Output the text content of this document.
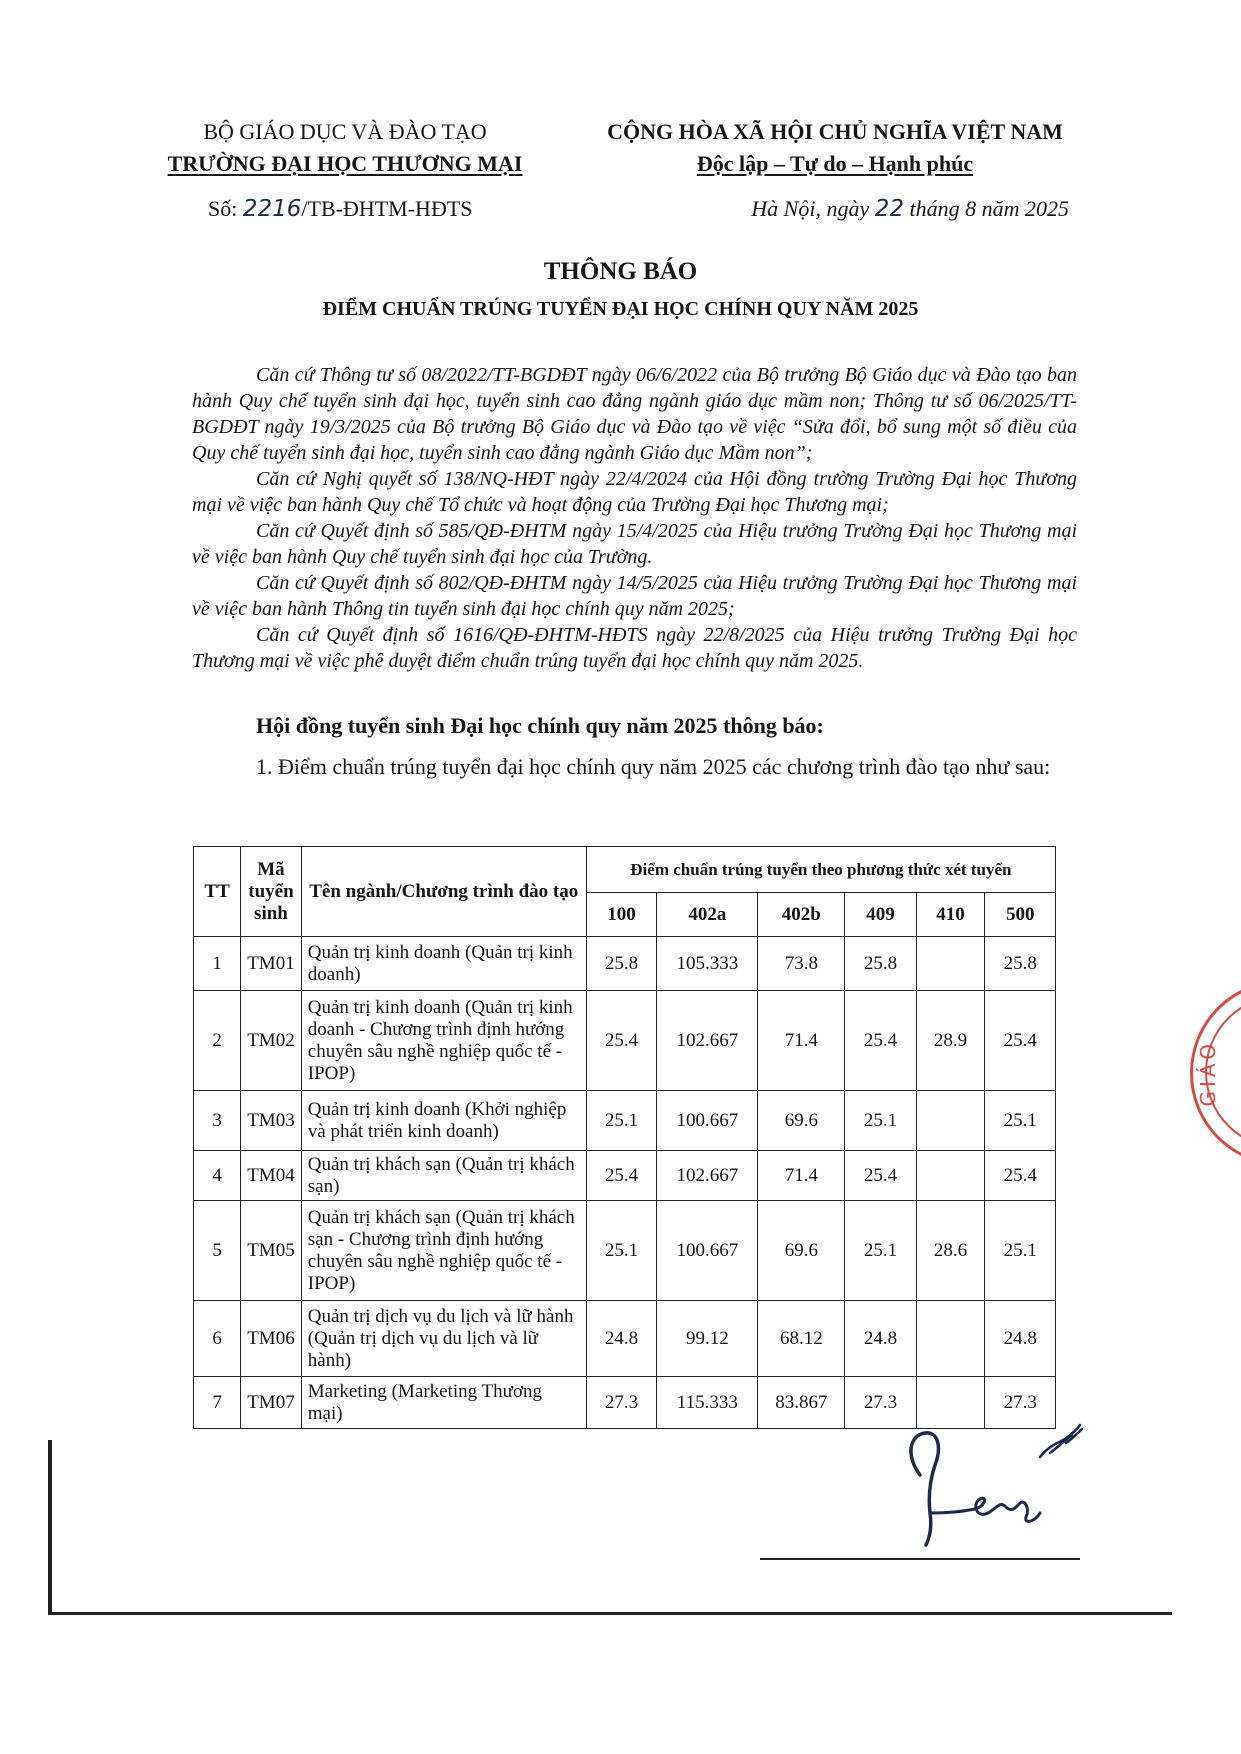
BỘ GIÁO DỤC VÀ ĐÀO TẠO
TRƯỜNG ĐẠI HỌC THƯƠNG MẠI
CỘNG HÒA XÃ HỘI CHỦ NGHĨA VIỆT NAM
Độc lập – Tự do – Hạnh phúc
Số: 2216/TB-ĐHTM-HĐTS	Hà Nội, ngày 22 tháng 8 năm 2025
THÔNG BÁO
ĐIỂM CHUẨN TRÚNG TUYỂN ĐẠI HỌC CHÍNH QUY NĂM 2025

Căn cứ Thông tư số 08/2022/TT-BGDĐT ngày 06/6/2022 của Bộ trưởng Bộ Giáo dục và Đào tạo ban hành Quy chế tuyển sinh đại học, tuyển sinh cao đẳng ngành giáo dục mầm non; Thông tư số 06/2025/TT-BGDĐT ngày 19/3/2025 của Bộ trưởng Bộ Giáo dục và Đào tạo về việc “Sửa đổi, bổ sung một số điều của Quy chế tuyển sinh đại học, tuyển sinh cao đẳng ngành Giáo dục Mầm non”;

Căn cứ Nghị quyết số 138/NQ-HĐT ngày 22/4/2024 của Hội đồng trường Trường Đại học Thương mại về việc ban hành Quy chế Tổ chức và hoạt động của Trường Đại học Thương mại;

Căn cứ Quyết định số 585/QĐ-ĐHTM ngày 15/4/2025 của Hiệu trưởng Trường Đại học Thương mại về việc ban hành Quy chế tuyển sinh đại học của Trường.

Căn cứ Quyết định số 802/QĐ-ĐHTM ngày 14/5/2025 của Hiệu trưởng Trường Đại học Thương mại về việc ban hành Thông tin tuyển sinh đại học chính quy năm 2025;

Căn cứ Quyết định số 1616/QĐ-ĐHTM-HĐTS ngày 22/8/2025 của Hiệu trưởng Trường Đại học Thương mại về việc phê duyệt điểm chuẩn trúng tuyển đại học chính quy năm 2025.

Hội đồng tuyển sinh Đại học chính quy năm 2025 thông báo:
1. Điểm chuẩn trúng tuyển đại học chính quy năm 2025 các chương trình đào tạo như sau:
TT	Mã tuyển sinh	Tên ngành/Chương trình đào tạo	Điểm chuẩn trúng tuyển theo phương thức xét tuyển					
			100	402a	402b	409	410	500
1	TM01	Quản trị kinh doanh (Quản trị kinh doanh)	25.8	105.333	73.8	25.8		25.8
2	TM02	Quản trị kinh doanh (Quản trị kinh doanh - Chương trình định hướng chuyên sâu nghề nghiệp quốc tế - IPOP)	25.4	102.667	71.4	25.4	28.9	25.4
3	TM03	Quản trị kinh doanh (Khởi nghiệp và phát triển kinh doanh)	25.1	100.667	69.6	25.1		25.1
4	TM04	Quản trị khách sạn (Quản trị khách sạn)	25.4	102.667	71.4	25.4		25.4
5	TM05	Quản trị khách sạn (Quản trị khách sạn - Chương trình định hướng chuyên sâu nghề nghiệp quốc tế - IPOP)	25.1	100.667	69.6	25.1	28.6	25.1
6	TM06	Quản trị dịch vụ du lịch và lữ hành (Quản trị dịch vụ du lịch và lữ hành)	24.8	99.12	68.12	24.8		24.8
7	TM07	Marketing (Marketing Thương mại)	27.3	115.333	83.867	27.3		27.3
GIÁO
